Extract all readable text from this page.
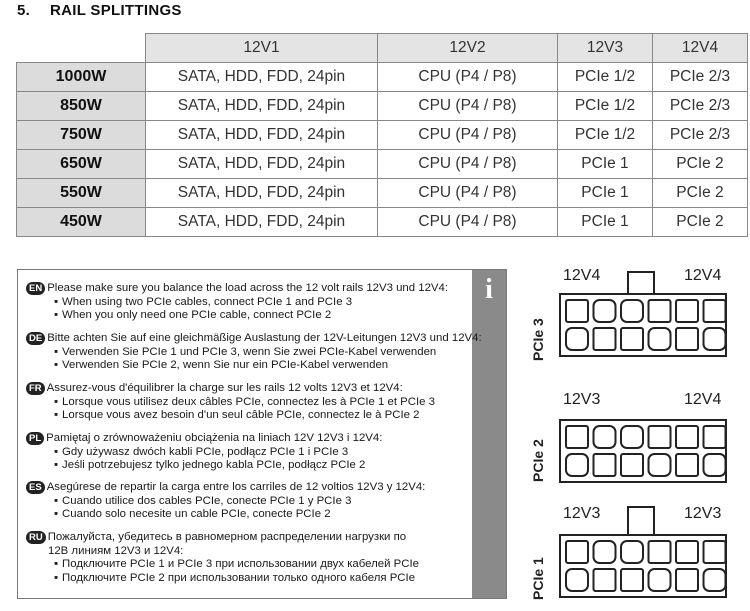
5. RAIL SPLITTINGS
	12V1	12V2	12V3	12V4
1000W	SATA, HDD, FDD, 24pin	CPU (P4 / P8)	PCIe 1/2	PCIe 2/3
850W	SATA, HDD, FDD, 24pin	CPU (P4 / P8)	PCIe 1/2	PCIe 2/3
750W	SATA, HDD, FDD, 24pin	CPU (P4 / P8)	PCIe 1/2	PCIe 2/3
650W	SATA, HDD, FDD, 24pin	CPU (P4 / P8)	PCIe 1	PCIe 2
550W	SATA, HDD, FDD, 24pin	CPU (P4 / P8)	PCIe 1	PCIe 2
450W	SATA, HDD, FDD, 24pin	CPU (P4 / P8)	PCIe 1	PCIe 2
i
EN Please make sure you balance the load across the 12 volt rails 12V3 und 12V4:
▪ When using two PCIe cables, connect PCIe 1 and PCIe 3
▪ When you only need one PCIe cable, connect PCIe 2
DE Bitte achten Sie auf eine gleichmäßige Auslastung der 12V-Leitungen 12V3 und 12V4:
▪ Verwenden Sie PCIe 1 und PCIe 3, wenn Sie zwei PCIe-Kabel verwenden
▪ Verwenden Sie PCIe 2, wenn Sie nur ein PCIe-Kabel verwenden
FR Assurez-vous d'équilibrer la charge sur les rails 12 volts 12V3 et 12V4:
▪ Lorsque vous utilisez deux câbles PCIe, connectez les à PCIe 1 et PCIe 3
▪ Lorsque vous avez besoin d'un seul câble PCIe, connectez le à PCIe 2
PL Pamiętaj o zrównoważeniu obciążenia na liniach 12V 12V3 i 12V4:
▪ Gdy używasz dwóch kabli PCIe, podłącz PCIe 1 i PCIe 3
▪ Jeśli potrzebujesz tylko jednego kabla PCIe, podłącz PCIe 2
ES Asegúrese de repartir la carga entre los carriles de 12 voltios 12V3 y 12V4:
▪ Cuando utilice dos cables PCIe, conecte PCIe 1 y PCIe 3
▪ Cuando solo necesite un cable PCIe, conecte PCIe 2
RU Пожалуйста, убедитесь в равномерном распределении нагрузки по
12В линиям 12V3 и 12V4:
▪ Подключите PCIe 1 и PCIe 3 при использовании двух кабелей PCIe
▪ Подключите PCIe 2 при использовании только одного кабеля PCIe
PCIe 3
12V4	12V4
PCIe 2
12V3	12V4
PCIe 1
12V3	12V3
